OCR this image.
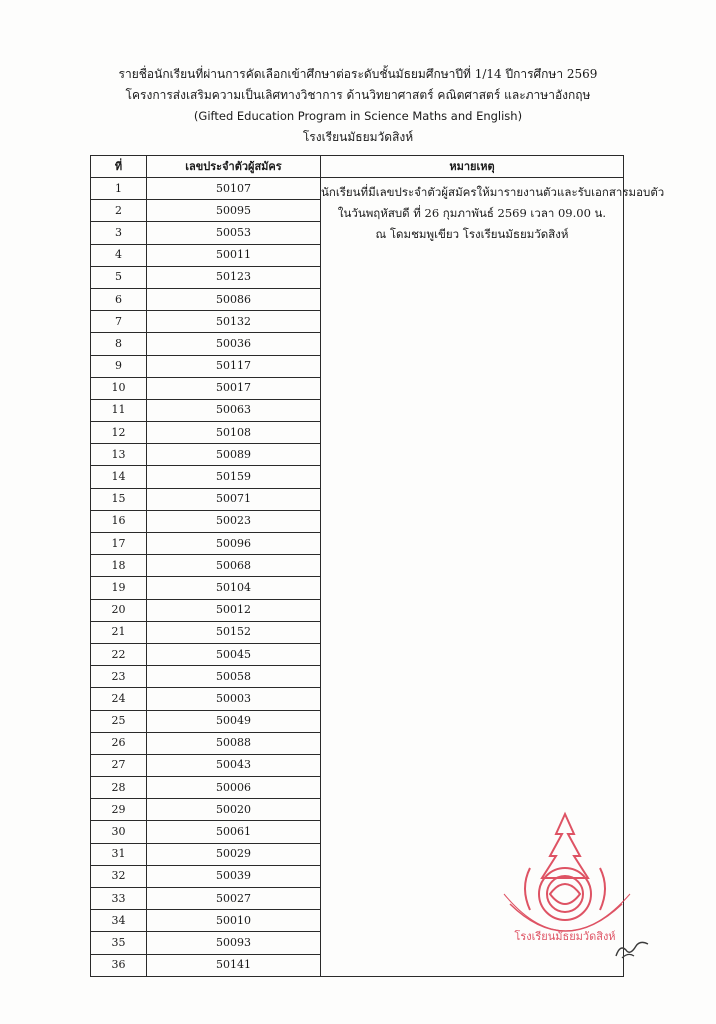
รายชื่อนักเรียนที่ผ่านการคัดเลือกเข้าศึกษาต่อระดับชั้นมัธยมศึกษาปีที่ 1/14 ปีการศึกษา 2569
โครงการส่งเสริมความเป็นเลิศทางวิชาการ ด้านวิทยาศาสตร์ คณิตศาสตร์ และภาษาอังกฤษ
(Gifted Education Program in Science Maths and English)
โรงเรียนมัธยมวัดสิงห์
ที่	เลขประจำตัวผู้สมัคร	หมายเหตุ
1	50107	นักเรียนที่มีเลขประจำตัวผู้สมัครให้มารายงานตัวและรับเอกสารมอบตัว
ในวันพฤหัสบดี ที่ 26 กุมภาพันธ์ 2569 เวลา 09.00 น.
ณ โดมชมพูเขียว โรงเรียนมัธยมวัดสิงห์

2	50095	
3	50053	
4	50011	
5	50123	
6	50086	
7	50132	
8	50036	
9	50117	
10	50017	
11	50063	
12	50108	
13	50089	
14	50159	
15	50071	
16	50023	
17	50096	
18	50068	
19	50104	
20	50012	
21	50152	
22	50045	
23	50058	
24	50003	
25	50049	
26	50088	
27	50043	
28	50006	
29	50020	
30	50061	
31	50029	
32	50039	
33	50027	
34	50010	
35	50093	
36	50141	
โรงเรียนมัธยมวัดสิงห์
